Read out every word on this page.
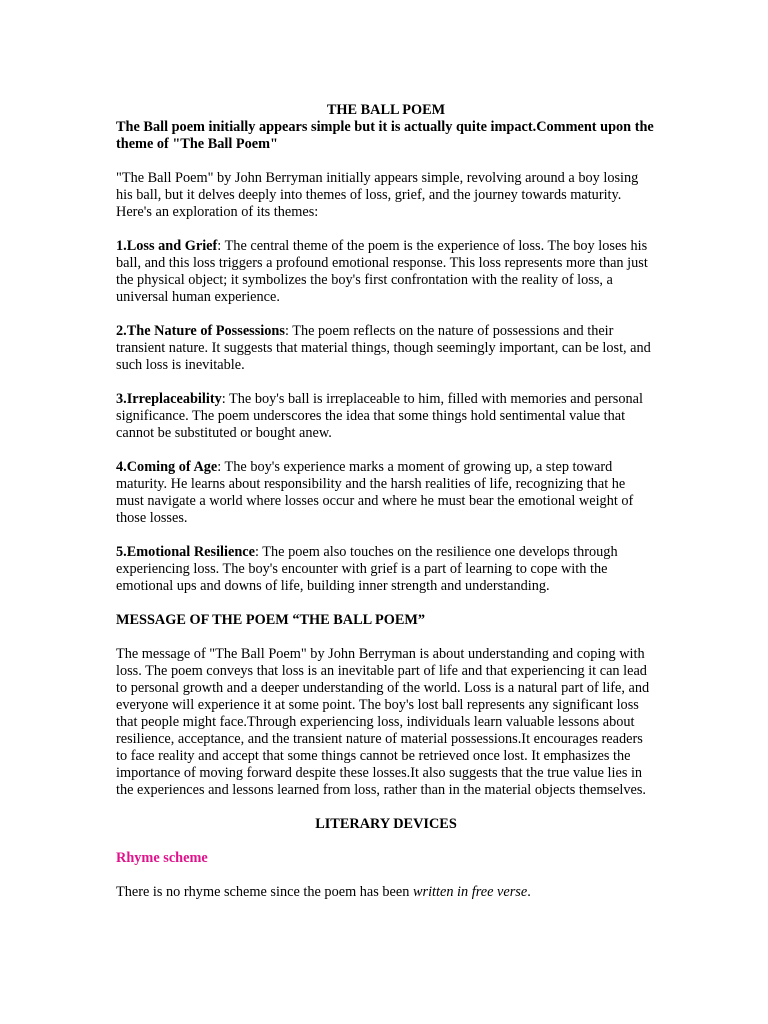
THE BALL POEM

The Ball poem initially appears simple but it is actually quite impact.Comment upon the theme of "The Ball Poem"

"The Ball Poem" by John Berryman initially appears simple, revolving around a boy losing his ball, but it delves deeply into themes of loss, grief, and the journey towards maturity. Here's an exploration of its themes:

1.Loss and Grief: The central theme of the poem is the experience of loss. The boy loses his ball, and this loss triggers a profound emotional response. This loss represents more than just the physical object; it symbolizes the boy's first confrontation with the reality of loss, a universal human experience.

2.The Nature of Possessions: The poem reflects on the nature of possessions and their transient nature. It suggests that material things, though seemingly important, can be lost, and such loss is inevitable.

3.Irreplaceability: The boy's ball is irreplaceable to him, filled with memories and personal significance. The poem underscores the idea that some things hold sentimental value that cannot be substituted or bought anew.

4.Coming of Age: The boy's experience marks a moment of growing up, a step toward maturity. He learns about responsibility and the harsh realities of life, recognizing that he must navigate a world where losses occur and where he must bear the emotional weight of those losses.

5.Emotional Resilience: The poem also touches on the resilience one develops through experiencing loss. The boy's encounter with grief is a part of learning to cope with the emotional ups and downs of life, building inner strength and understanding.

MESSAGE OF THE POEM “THE BALL POEM”

The message of "The Ball Poem" by John Berryman is about understanding and coping with loss. The poem conveys that loss is an inevitable part of life and that experiencing it can lead to personal growth and a deeper understanding of the world. Loss is a natural part of life, and everyone will experience it at some point. The boy's lost ball represents any significant loss that people might face.Through experiencing loss, individuals learn valuable lessons about resilience, acceptance, and the transient nature of material possessions.It encourages readers to face reality and accept that some things cannot be retrieved once lost. It emphasizes the importance of moving forward despite these losses.It also suggests that the true value lies in the experiences and lessons learned from loss, rather than in the material objects themselves.

LITERARY DEVICES

Rhyme scheme

There is no rhyme scheme since the poem has been written in free verse.
